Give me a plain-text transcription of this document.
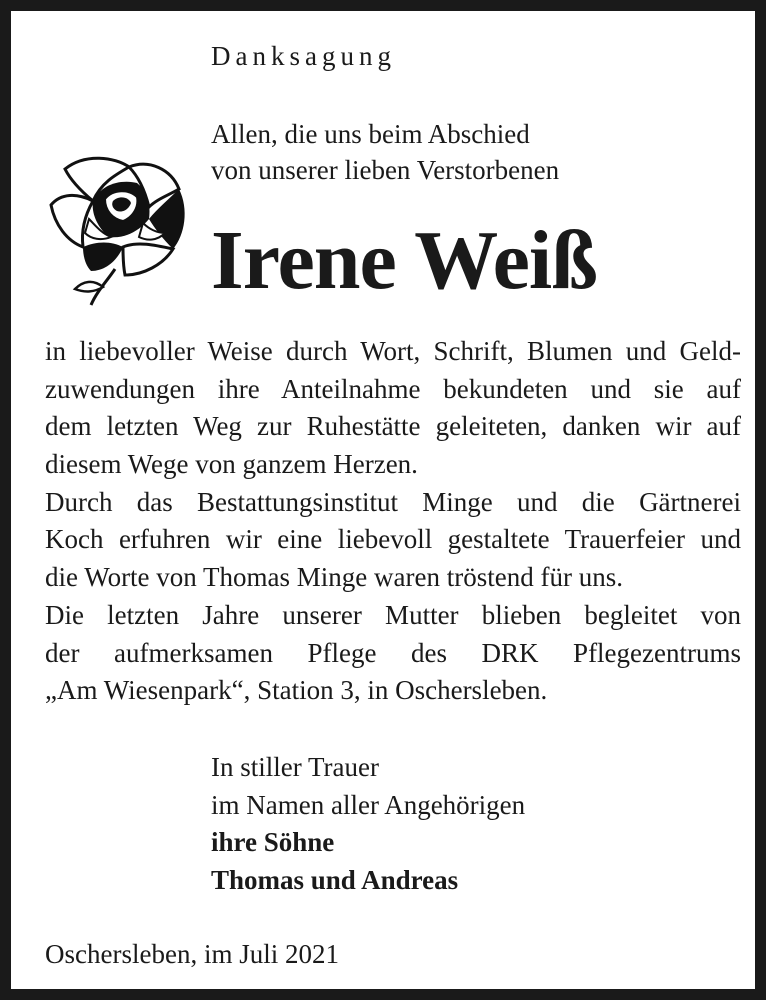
Danksagung
Allen, die uns beim Abschied
von unserer lieben Verstorbenen
Irene Weiß
in liebevoller Weise durch Wort, Schrift, Blumen und Geld-
zuwendungen ihre Anteilnahme bekundeten und sie auf
dem letzten Weg zur Ruhestätte geleiteten, danken wir auf
diesem Wege von ganzem Herzen.
Durch das Bestattungsinstitut Minge und die Gärtnerei
Koch erfuhren wir eine liebevoll gestaltete Trauerfeier und
die Worte von Thomas Minge waren tröstend für uns.
Die letzten Jahre unserer Mutter blieben begleitet von
der aufmerksamen Pflege des DRK Pflegezentrums
„Am Wiesenpark“, Station 3, in Oschersleben.
In stiller Trauer
im Namen aller Angehörigen
ihre Söhne
Thomas und Andreas
Oschersleben, im Juli 2021
